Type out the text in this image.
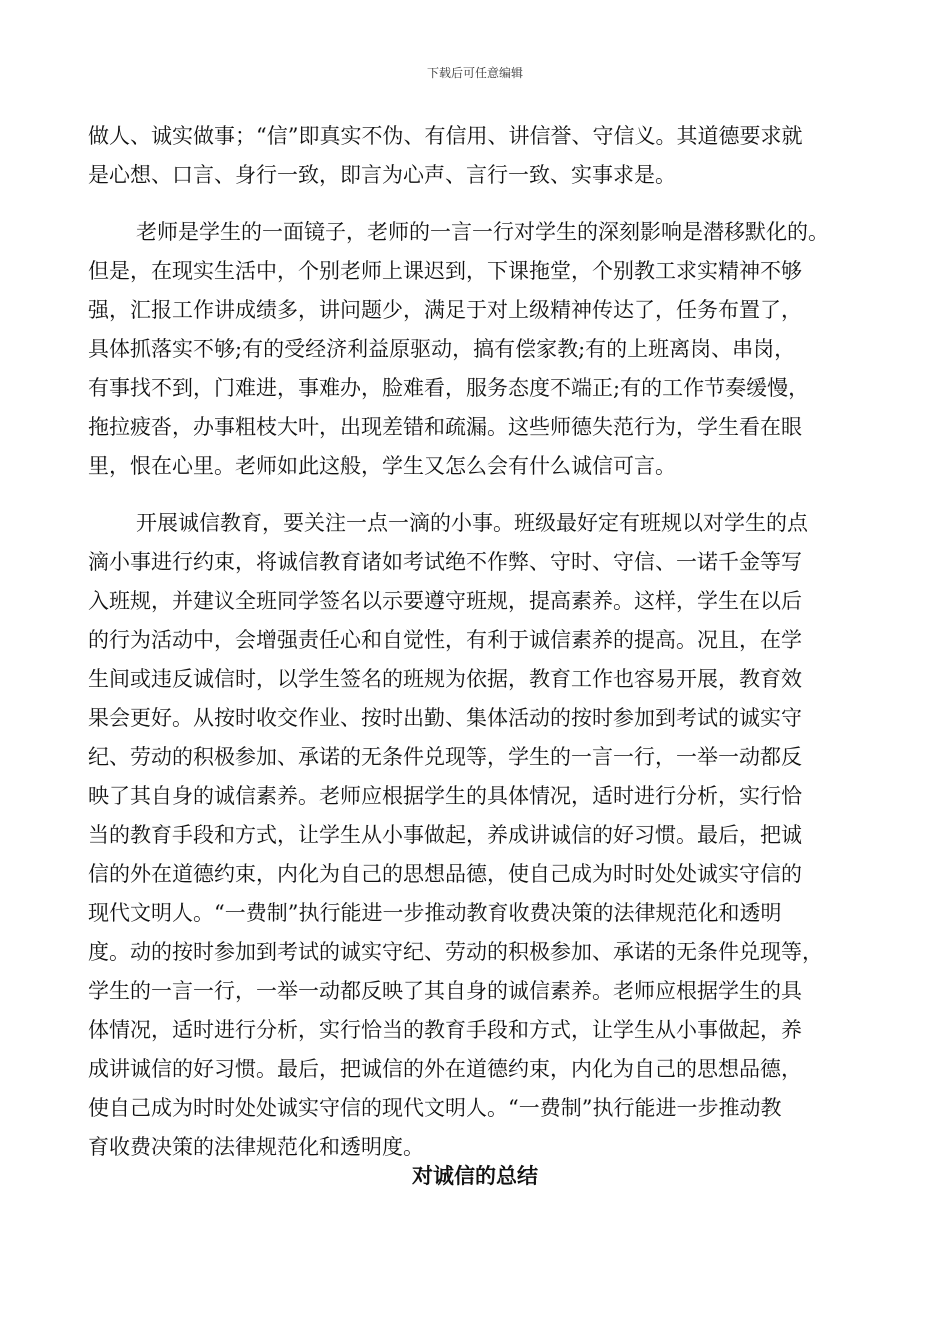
下载后可任意编辑
做人、诚实做事；“信”即真实不伪、有信用、讲信誉、守信义。其道德要求就
是心想、口言、身行一致，即言为心声、言行一致、实事求是。
老师是学生的一面镜子，老师的一言一行对学生的深刻影响是潜移默化的。
但是，在现实生活中，个别老师上课迟到，下课拖堂，个别教工求实精神不够
强，汇报工作讲成绩多，讲问题少，满足于对上级精神传达了，任务布置了，
具体抓落实不够;有的受经济利益原驱动，搞有偿家教;有的上班离岗、串岗，
有事找不到，门难进，事难办，脸难看，服务态度不端正;有的工作节奏缓慢，
拖拉疲沓，办事粗枝大叶，出现差错和疏漏。这些师德失范行为，学生看在眼
里，恨在心里。老师如此这般，学生又怎么会有什么诚信可言。
开展诚信教育，要关注一点一滴的小事。班级最好定有班规以对学生的点
滴小事进行约束，将诚信教育诸如考试绝不作弊、守时、守信、一诺千金等写
入班规，并建议全班同学签名以示要遵守班规，提高素养。这样，学生在以后
的行为活动中，会增强责任心和自觉性，有利于诚信素养的提高。况且，在学
生间或违反诚信时，以学生签名的班规为依据，教育工作也容易开展，教育效
果会更好。从按时收交作业、按时出勤、集体活动的按时参加到考试的诚实守
纪、劳动的积极参加、承诺的无条件兑现等，学生的一言一行，一举一动都反
映了其自身的诚信素养。老师应根据学生的具体情况，适时进行分析，实行恰
当的教育手段和方式，让学生从小事做起，养成讲诚信的好习惯。最后，把诚
信的外在道德约束，内化为自己的思想品德，使自己成为时时处处诚实守信的
现代文明人。“一费制”执行能进一步推动教育收费决策的法律规范化和透明
度。动的按时参加到考试的诚实守纪、劳动的积极参加、承诺的无条件兑现等，
学生的一言一行，一举一动都反映了其自身的诚信素养。老师应根据学生的具
体情况，适时进行分析，实行恰当的教育手段和方式，让学生从小事做起，养
成讲诚信的好习惯。最后，把诚信的外在道德约束，内化为自己的思想品德，
使自己成为时时处处诚实守信的现代文明人。“一费制”执行能进一步推动教
育收费决策的法律规范化和透明度。
对诚信的总结
